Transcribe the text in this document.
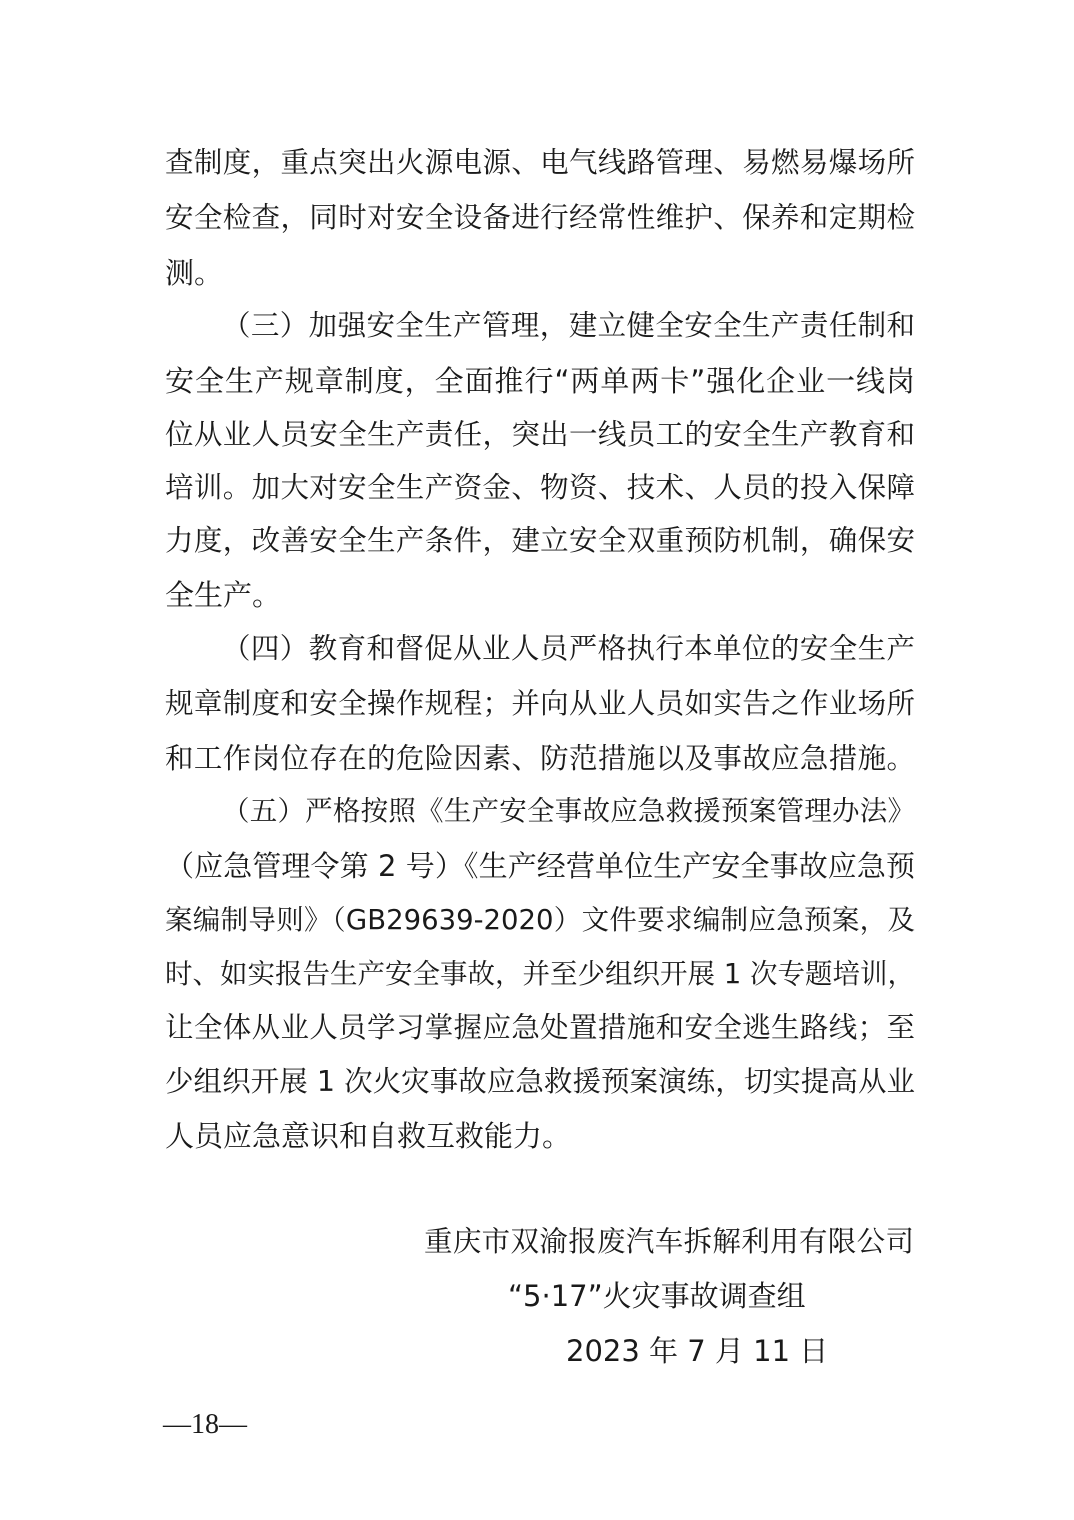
查制度，重点突出火源电源、电气线路管理、易燃易爆场所
安全检查，同时对安全设备进行经常性维护、保养和定期检
测。
（三）加强安全生产管理，建立健全安全生产责任制和
安全生产规章制度，全面推行“两单两卡”强化企业一线岗
位从业人员安全生产责任，突出一线员工的安全生产教育和
培训。加大对安全生产资金、物资、技术、人员的投入保障
力度，改善安全生产条件，建立安全双重预防机制，确保安
全生产。
（四）教育和督促从业人员严格执行本单位的安全生产
规章制度和安全操作规程；并向从业人员如实告之作业场所
和工作岗位存在的危险因素、防范措施以及事故应急措施。
（五）严格按照《生产安全事故应急救援预案管理办法》
（应急管理令第 2 号）《生产经营单位生产安全事故应急预
案编制导则》（GB29639-2020）文件要求编制应急预案，及
时、如实报告生产安全事故，并至少组织开展 1 次专题培训，
让全体从业人员学习掌握应急处置措施和安全逃生路线；至
少组织开展 1 次火灾事故应急救援预案演练，切实提高从业
人员应急意识和自救互救能力。
重庆市双渝报废汽车拆解利用有限公司
“5·17”火灾事故调查组
2023 年 7 月 11 日
—18—
